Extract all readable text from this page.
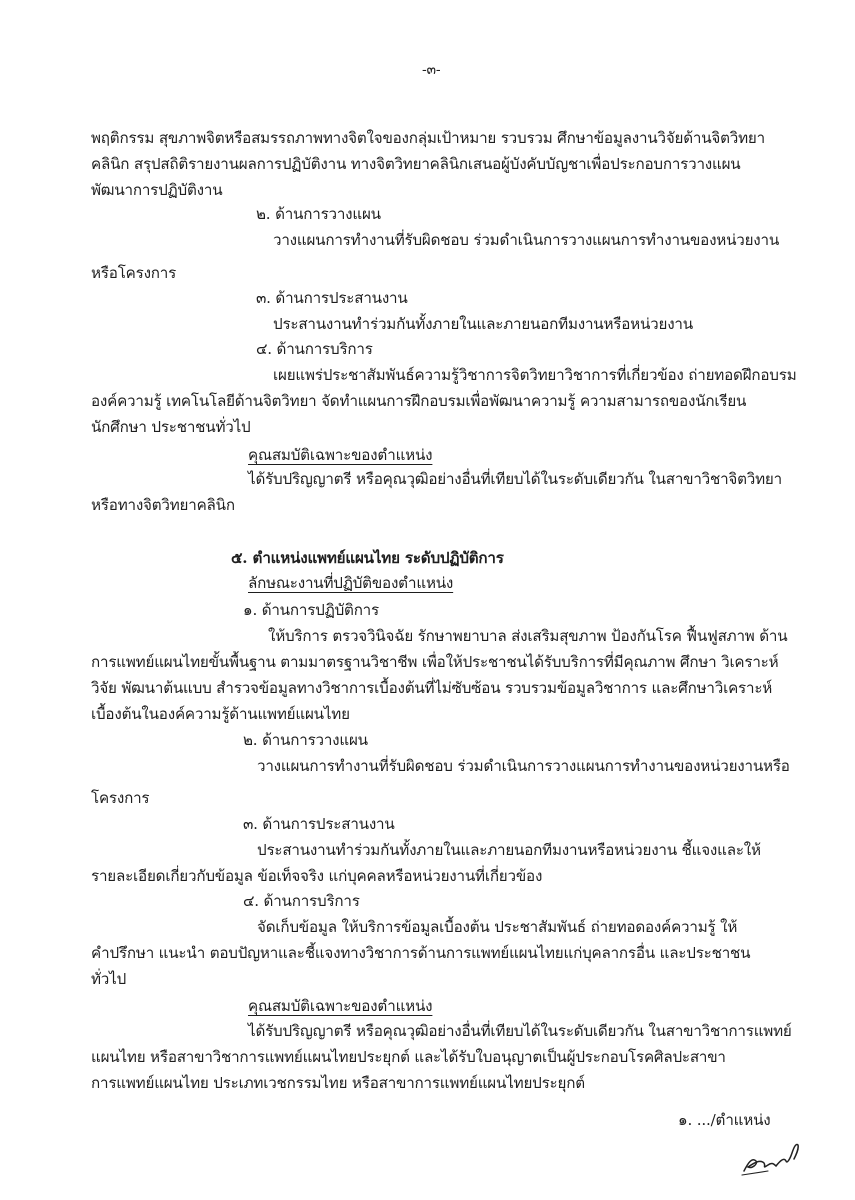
-๓-
พฤติกรรม สุขภาพจิตหรือสมรรถภาพทางจิตใจของกลุ่มเป้าหมาย รวบรวม ศึกษาข้อมูลงานวิจัยด้านจิตวิทยา
คลินิก สรุปสถิติรายงานผลการปฏิบัติงาน ทางจิตวิทยาคลินิกเสนอผู้บังคับบัญชาเพื่อประกอบการวางแผน
พัฒนาการปฏิบัติงาน
๒. ด้านการวางแผน
วางแผนการทำงานที่รับผิดชอบ ร่วมดำเนินการวางแผนการทำงานของหน่วยงาน
หรือโครงการ
๓. ด้านการประสานงาน
ประสานงานทำร่วมกันทั้งภายในและภายนอกทีมงานหรือหน่วยงาน
๔. ด้านการบริการ
เผยแพร่ประชาสัมพันธ์ความรู้วิชาการจิตวิทยาวิชาการที่เกี่ยวข้อง ถ่ายทอดฝึกอบรม
องค์ความรู้ เทคโนโลยีด้านจิตวิทยา จัดทำแผนการฝึกอบรมเพื่อพัฒนาความรู้ ความสามารถของนักเรียน
นักศึกษา ประชาชนทั่วไป
คุณสมบัติเฉพาะของตำแหน่ง
ได้รับปริญญาตรี หรือคุณวุฒิอย่างอื่นที่เทียบได้ในระดับเดียวกัน ในสาขาวิชาจิตวิทยา
หรือทางจิตวิทยาคลินิก
๕. ตำแหน่งแพทย์แผนไทย ระดับปฏิบัติการ
ลักษณะงานที่ปฏิบัติของตำแหน่ง
๑. ด้านการปฏิบัติการ
ให้บริการ ตรวจวินิจฉัย รักษาพยาบาล ส่งเสริมสุขภาพ ป้องกันโรค ฟื้นฟูสภาพ ด้าน
การแพทย์แผนไทยขั้นพื้นฐาน ตามมาตรฐานวิชาชีพ เพื่อให้ประชาชนได้รับบริการที่มีคุณภาพ ศึกษา วิเคราะห์
วิจัย พัฒนาต้นแบบ สำรวจข้อมูลทางวิชาการเบื้องต้นที่ไม่ซับซ้อน รวบรวมข้อมูลวิชาการ และศึกษาวิเคราะห์
เบื้องต้นในองค์ความรู้ด้านแพทย์แผนไทย
๒. ด้านการวางแผน
วางแผนการทำงานที่รับผิดชอบ ร่วมดำเนินการวางแผนการทำงานของหน่วยงานหรือ
โครงการ
๓. ด้านการประสานงาน
ประสานงานทำร่วมกันทั้งภายในและภายนอกทีมงานหรือหน่วยงาน ชี้แจงและให้
รายละเอียดเกี่ยวกับข้อมูล ข้อเท็จจริง แก่บุคคลหรือหน่วยงานที่เกี่ยวข้อง
๔. ด้านการบริการ
จัดเก็บข้อมูล ให้บริการข้อมูลเบื้องต้น ประชาสัมพันธ์ ถ่ายทอดองค์ความรู้ ให้
คำปรึกษา แนะนำ ตอบปัญหาและชี้แจงทางวิชาการด้านการแพทย์แผนไทยแก่บุคลากรอื่น และประชาชน
ทั่วไป
คุณสมบัติเฉพาะของตำแหน่ง
ได้รับปริญญาตรี หรือคุณวุฒิอย่างอื่นที่เทียบได้ในระดับเดียวกัน ในสาขาวิชาการแพทย์
แผนไทย หรือสาขาวิชาการแพทย์แผนไทยประยุกต์ และได้รับใบอนุญาตเป็นผู้ประกอบโรคศิลปะสาขา
การแพทย์แผนไทย ประเภทเวชกรรมไทย หรือสาขาการแพทย์แผนไทยประยุกต์
๑. .../ตำแหน่ง
